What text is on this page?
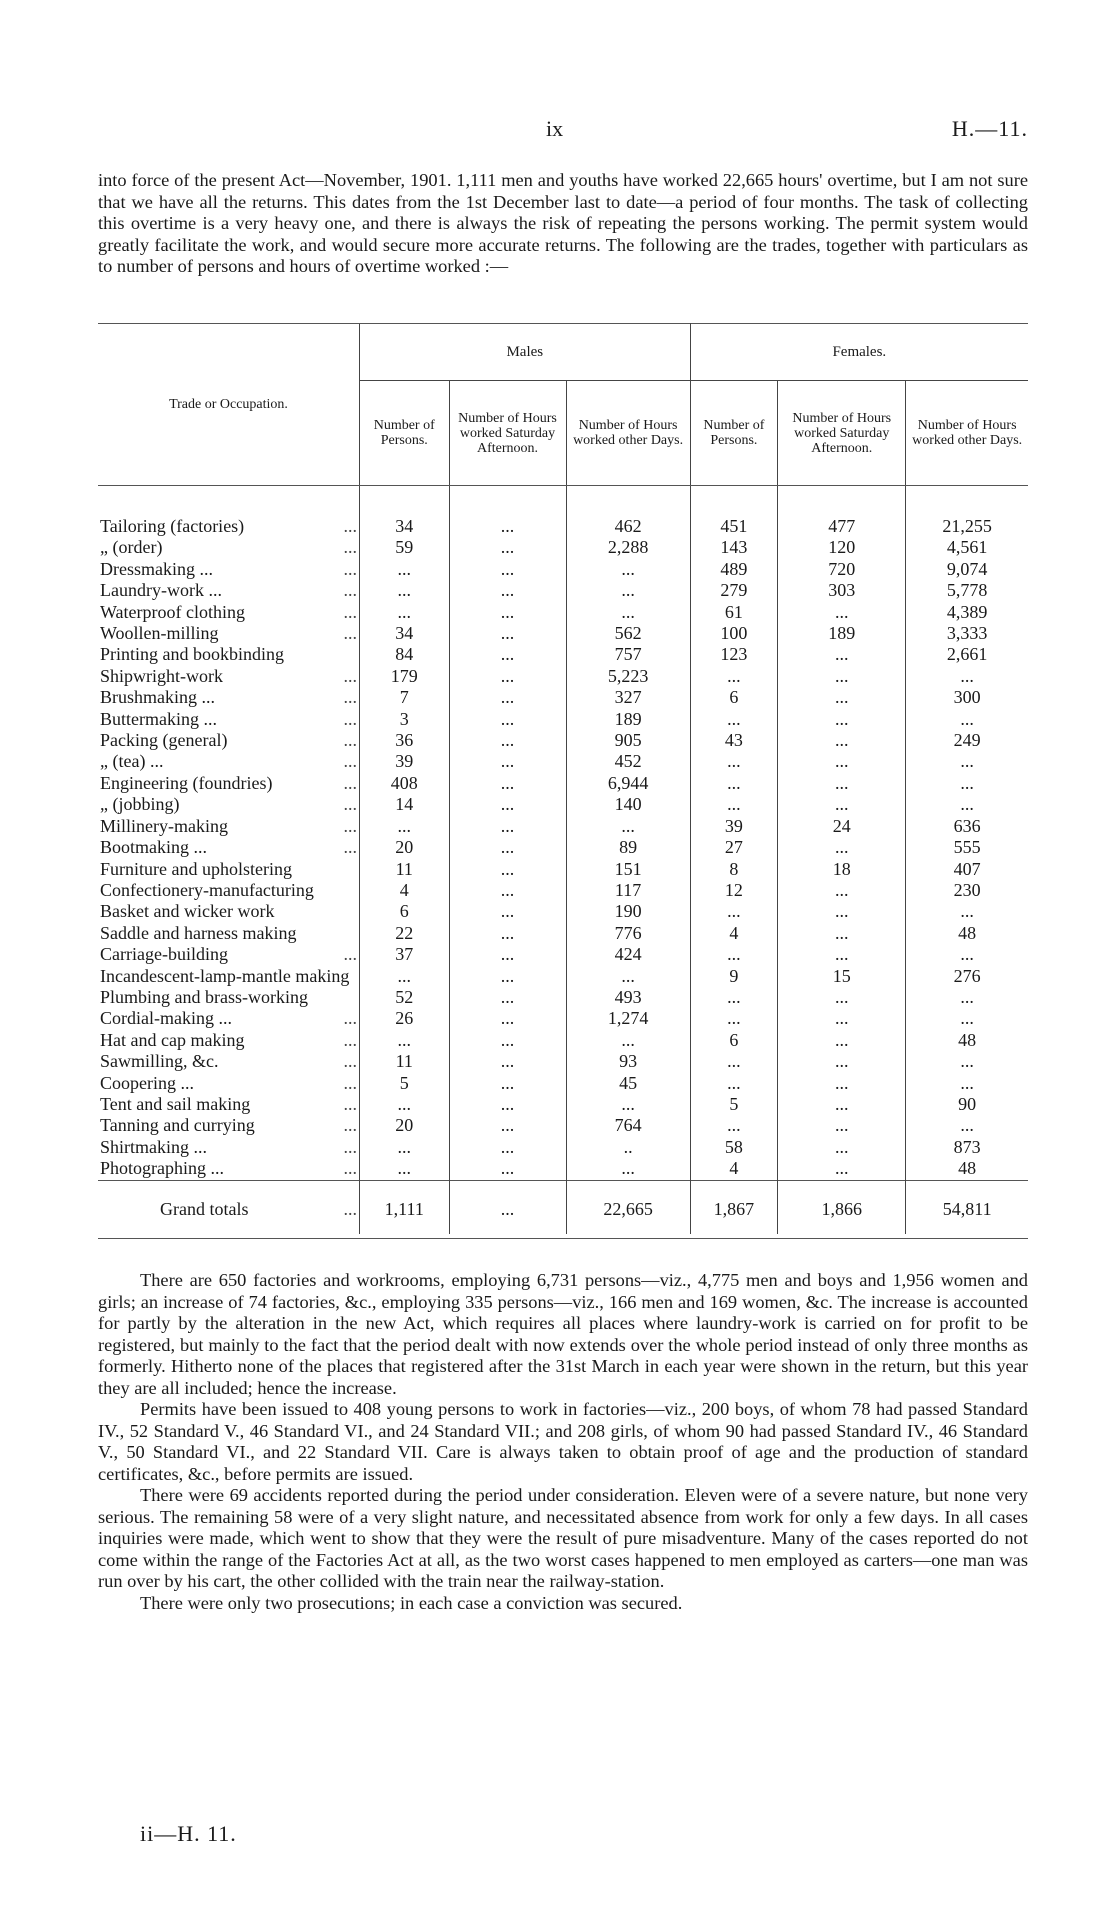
ix	H.—11.

into force of the present Act—November, 1901. 1,111 men and youths have worked 22,665 hours' overtime, but I am not sure that we have all the returns. This dates from the 1st December last to date—a period of four months. The task of collecting this overtime is a very heavy one, and there is always the risk of repeating the persons working. The permit system would greatly facilitate the work, and would secure more accurate returns. The following are the trades, together with particulars as to number of persons and hours of overtime worked :—

Trade or Occupation.	Males			Females.		
	Number of Persons.	Number of Hours worked Saturday Afternoon.	Number of Hours worked other Days.	Number of Persons.	Number of Hours worked Saturday Afternoon.	Number of Hours worked other Days.
Tailoring (factories) ...	34	...	462	451	477	21,255
„ (order) ...	59	...	2,288	143	120	4,561
Dressmaking ... ...	...	...	...	489	720	9,074
Laundry-work ... ...	...	...	...	279	303	5,778
Waterproof clothing ...	...	...	...	61	...	4,389
Woollen-milling ...	34	...	562	100	189	3,333
Printing and bookbinding	84	...	757	123	...	2,661
Shipwright-work ...	179	...	5,223	...	...	...
Brushmaking ... ...	7	...	327	6	...	300
Buttermaking ... ...	3	...	189	...	...	...
Packing (general) ...	36	...	905	43	...	249
„ (tea) ... ...	39	...	452	...	...	...
Engineering (foundries) ...	408	...	6,944	...	...	...
„ (jobbing) ...	14	...	140	...	...	...
Millinery-making ...	...	...	...	39	24	636
Bootmaking ... ...	20	...	89	27	...	555
Furniture and upholstering	11	...	151	8	18	407
Confectionery-manufacturing	4	...	117	12	...	230
Basket and wicker work	6	...	190	...	...	...
Saddle and harness making	22	...	776	4	...	48
Carriage-building ...	37	...	424	...	...	...
Incandescent-lamp-mantle making	...	...	...	9	15	276
Plumbing and brass-working	52	...	493	...	...	...
Cordial-making ... ...	26	...	1,274	...	...	...
Hat and cap making ...	...	...	...	6	...	48
Sawmilling, &c. ...	11	...	93	...	...	...
Coopering ... ...	5	...	45	...	...	...
Tent and sail making ...	...	...	...	5	...	90
Tanning and currying ...	20	...	764	...	...	...
Shirtmaking ... ...	...	...	..	58	...	873
Photographing ... ...	...	...	...	4	...	48
Grand totals ...	1,111	...	22,665	1,867	1,866	54,811

There are 650 factories and workrooms, employing 6,731 persons—viz., 4,775 men and boys and 1,956 women and girls; an increase of 74 factories, &c., employing 335 persons—viz., 166 men and 169 women, &c. The increase is accounted for partly by the alteration in the new Act, which requires all places where laundry-work is carried on for profit to be registered, but mainly to the fact that the period dealt with now extends over the whole period instead of only three months as formerly. Hitherto none of the places that registered after the 31st March in each year were shown in the return, but this year they are all included; hence the increase.

Permits have been issued to 408 young persons to work in factories—viz., 200 boys, of whom 78 had passed Standard IV., 52 Standard V., 46 Standard VI., and 24 Standard VII.; and 208 girls, of whom 90 had passed Standard IV., 46 Standard V., 50 Standard VI., and 22 Standard VII. Care is always taken to obtain proof of age and the production of standard certificates, &c., before permits are issued.

There were 69 accidents reported during the period under consideration. Eleven were of a severe nature, but none very serious. The remaining 58 were of a very slight nature, and necessitated absence from work for only a few days. In all cases inquiries were made, which went to show that they were the result of pure misadventure. Many of the cases reported do not come within the range of the Factories Act at all, as the two worst cases happened to men employed as carters—one man was run over by his cart, the other collided with the train near the railway-station.

There were only two prosecutions; in each case a conviction was secured.

ii—H. 11.
